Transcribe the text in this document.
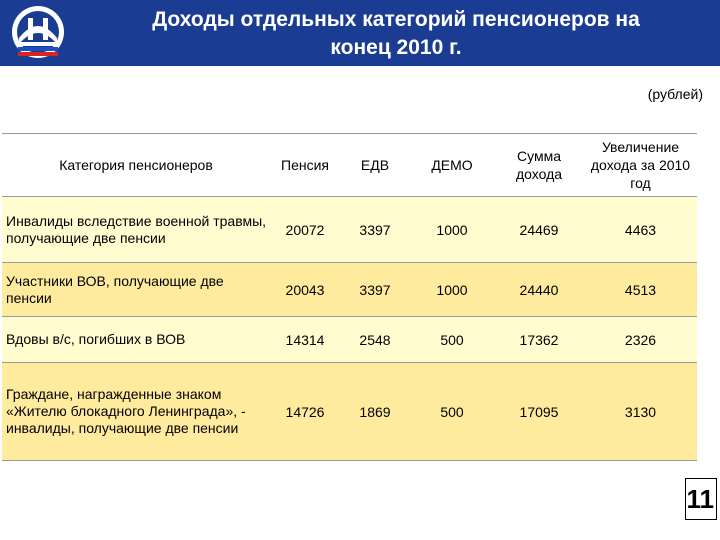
Доходы отдельных категорий пенсионеров на
конец 2010 г.
(рублей)
Категория пенсионеров	Пенсия	ЕДВ	ДЕМО	Сумма дохода	Увеличение дохода за 2010 год
Инвалиды вследствие военной травмы, получающие две пенсии	20072	3397	1000	24469	4463
Участники ВОВ, получающие две пенсии	20043	3397	1000	24440	4513
Вдовы в/с, погибших в ВОВ	14314	2548	500	17362	2326
Граждане, награжденные знаком «Жителю блокадного Ленинграда», - инвалиды, получающие две пенсии	14726	1869	500	17095	3130
11
